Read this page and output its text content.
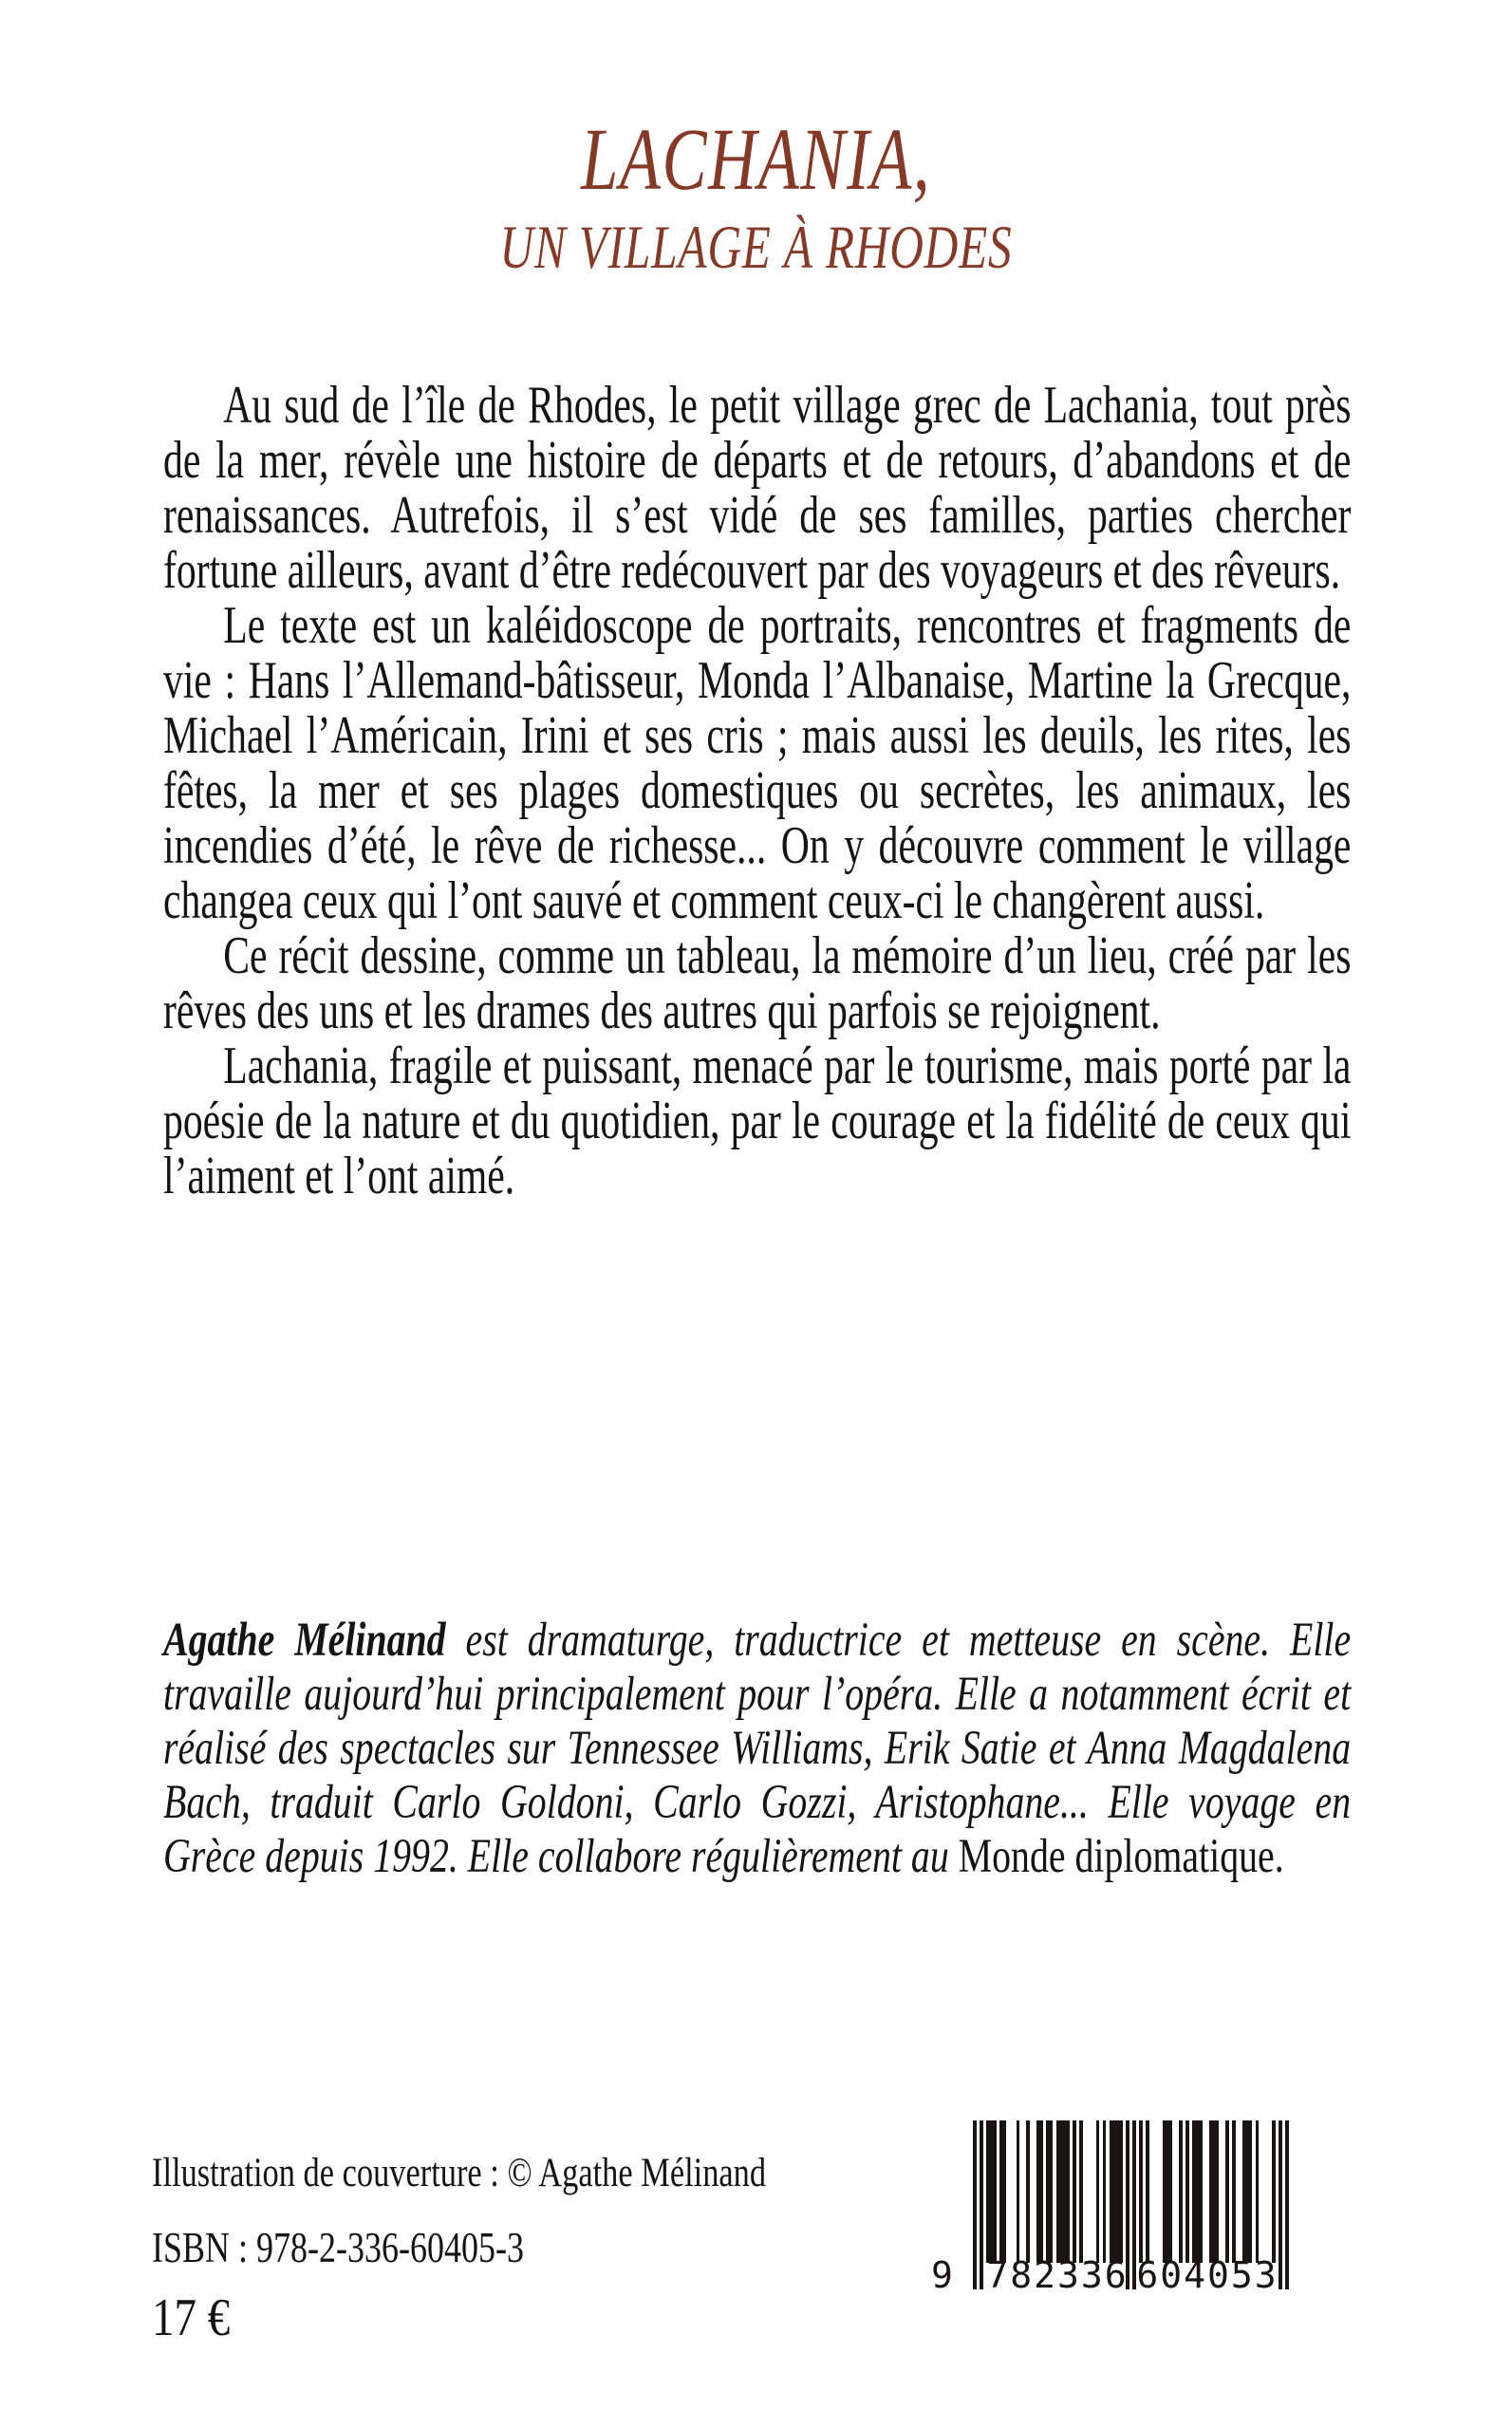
LACHANIA,
UN VILLAGE À RHODES

Au sud de l’île de Rhodes, le petit village grec de Lachania, tout près de la mer, révèle une histoire de départs et de retours, d’abandons et de renaissances. Autrefois, il s’est vidé de ses familles, parties chercher fortune ailleurs, avant d’être redécouvert par des voyageurs et des rêveurs.

Le texte est un kaléidoscope de portraits, rencontres et fragments de vie : Hans l’Allemand-bâtisseur, Monda l’Albanaise, Martine la Grecque, Michael l’Américain, Irini et ses cris ; mais aussi les deuils, les rites, les fêtes, la mer et ses plages domestiques ou secrètes, les animaux, les incendies d’été, le rêve de richesse... On y découvre comment le village changea ceux qui l’ont sauvé et comment ceux-ci le changèrent aussi.

Ce récit dessine, comme un tableau, la mémoire d’un lieu, créé par les rêves des uns et les drames des autres qui parfois se rejoignent.

Lachania, fragile et puissant, menacé par le tourisme, mais porté par la poésie de la nature et du quotidien, par le courage et la fidélité de ceux qui l’aiment et l’ont aimé.

Agathe Mélinand est dramaturge, traductrice et metteuse en scène. Elle travaille aujourd’hui principalement pour l’opéra. Elle a notamment écrit et réalisé des spectacles sur Tennessee Williams, Erik Satie et Anna Magdalena Bach, traduit Carlo Goldoni, Carlo Gozzi, Aristophane... Elle voyage en Grèce depuis 1992. Elle collabore régulièrement au Monde diplomatique.

Illustration de couverture : © Agathe Mélinand
ISBN : 978-2-336-60405-3
17 €
9 782336 604053
